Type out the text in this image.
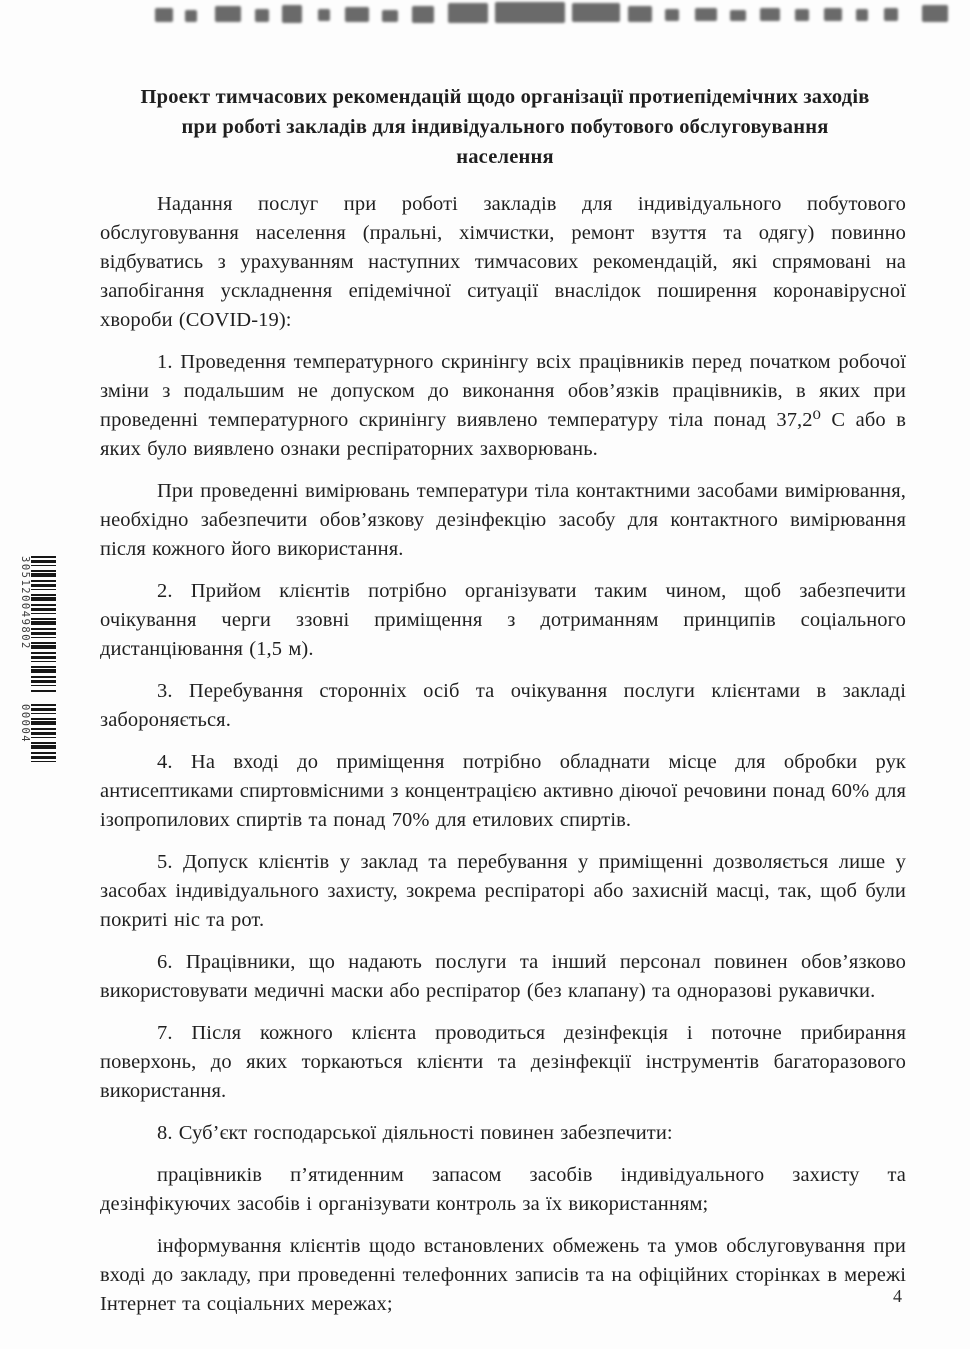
Проект тимчасових рекомендацій щодо організації протиепідемічних заходів
при роботі закладів для індивідуального побутового обслуговування
населення

Надання послуг при роботі закладів для індивідуального побутового обслуговування населення (пральні, хімчистки, ремонт взуття та одягу) повинно відбуватись з урахуванням наступних тимчасових рекомендацій, які спрямовані на запобігання ускладнення епідемічної ситуації внаслідок поширення коронавірусної хвороби (COVID-19):

1. Проведення температурного скринінгу всіх працівників перед початком робочої зміни з подальшим не допуском до виконання обов’язків працівників, в яких при проведенні температурного скринінгу виявлено температуру тіла понад 37,2⁰ С або в яких було виявлено ознаки респіраторних захворювань.

При проведенні вимірювань температури тіла контактними засобами вимірювання, необхідно забезпечити обов’язкову дезінфекцію засобу для контактного вимірювання після кожного його використання.

2. Прийом клієнтів потрібно організувати таким чином, щоб забезпечити очікування черги ззовні приміщення з дотриманням принципів соціального дистанціювання (1,5 м).

3. Перебування сторонніх осіб та очікування послуги клієнтами в закладі забороняється.

4. На вході до приміщення потрібно обладнати місце для обробки рук антисептиками спиртовмісними з концентрацією активно діючої речовини понад 60% для ізопропилових спиртів та понад 70% для етилових спиртів.

5. Допуск клієнтів у заклад та перебування у приміщенні дозволяється лише у засобах індивідуального захисту, зокрема респіраторі або захисній масці, так, щоб були покриті ніс та рот.

6. Працівники, що надають послуги та інший персонал повинен обов’язково використовувати медичні маски або респіратор (без клапану) та одноразові рукавички.

7. Після кожного клієнта проводиться дезінфекція і поточне прибирання поверхонь, до яких торкаються клієнти та дезінфекції інструментів багаторазового використання.

8. Суб’єкт господарської діяльності повинен забезпечити:

працівників п’ятиденним запасом засобів індивідуального захисту та дезінфікуючих засобів і організувати контроль за їх використанням;

інформування клієнтів щодо встановлених обмежень та умов обслуговування при вході до закладу, при проведенні телефонних записів та на офіційних сторінках в мережі Інтернет та соціальних мережах;

305120049802
00004
4
